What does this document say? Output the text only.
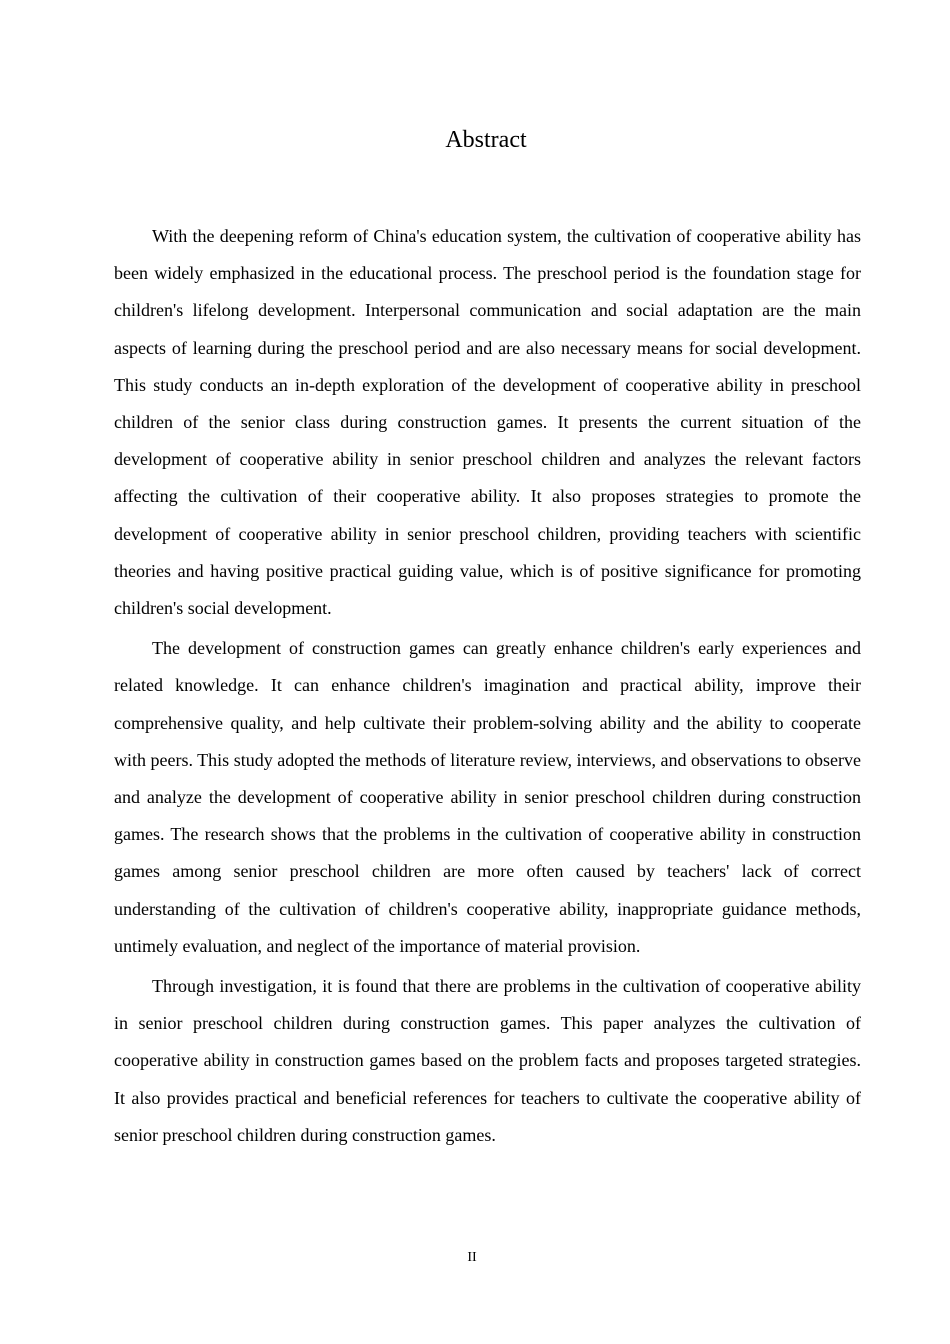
Abstract

With the deepening reform of China's education system, the cultivation of cooperative ability has been widely emphasized in the educational process. The preschool period is the foundation stage for children's lifelong development. Interpersonal communication and social adaptation are the main aspects of learning during the preschool period and are also necessary means for social development. This study conducts an in-depth exploration of the development of cooperative ability in preschool children of the senior class during construction games. It presents the current situation of the development of cooperative ability in senior preschool children and analyzes the relevant factors affecting the cultivation of their cooperative ability. It also proposes strategies to promote the development of cooperative ability in senior preschool children, providing teachers with scientific theories and having positive practical guiding value, which is of positive significance for promoting children's social development.

The development of construction games can greatly enhance children's early experiences and related knowledge. It can enhance children's imagination and practical ability, improve their comprehensive quality, and help cultivate their problem-solving ability and the ability to cooperate with peers. This study adopted the methods of literature review, interviews, and observations to observe and analyze the development of cooperative ability in senior preschool children during construction games. The research shows that the problems in the cultivation of cooperative ability in construction games among senior preschool children are more often caused by teachers' lack of correct understanding of the cultivation of children's cooperative ability, inappropriate guidance methods, untimely evaluation, and neglect of the importance of material provision.

Through investigation, it is found that there are problems in the cultivation of cooperative ability in senior preschool children during construction games. This paper analyzes the cultivation of cooperative ability in construction games based on the problem facts and proposes targeted strategies. It also provides practical and beneficial references for teachers to cultivate the cooperative ability of senior preschool children during construction games.

II
